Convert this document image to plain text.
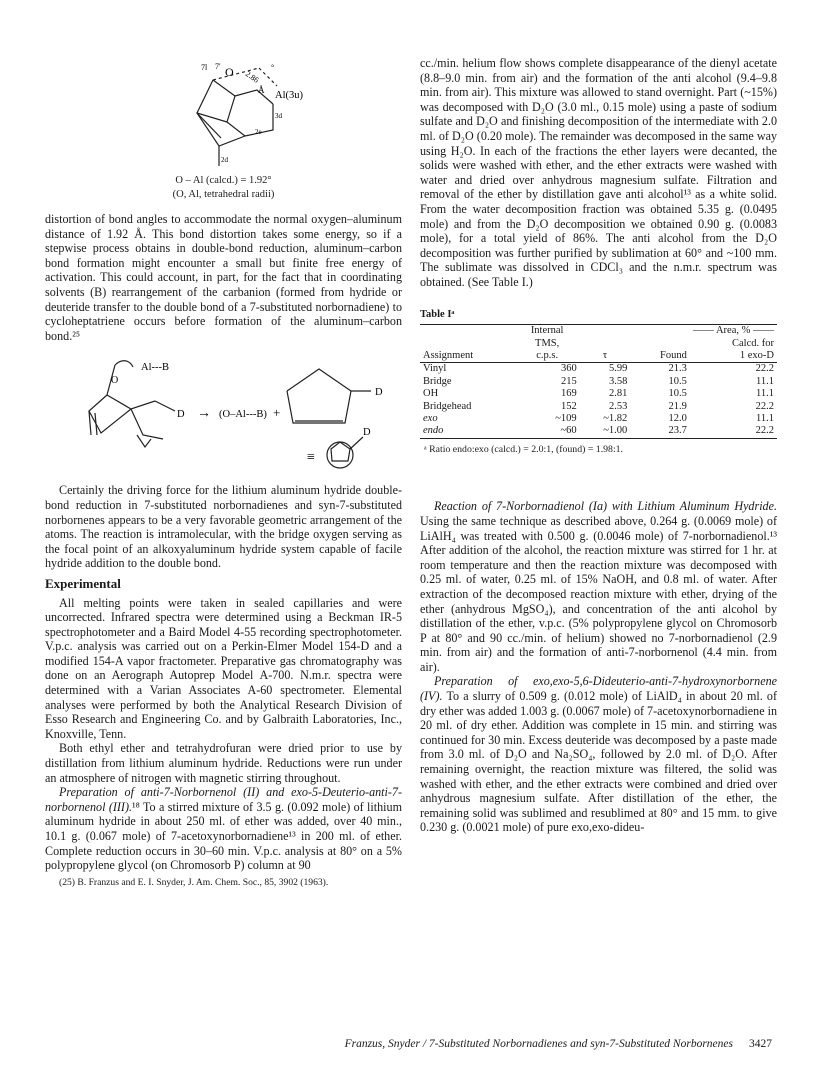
7l 7ʹ O 2.86
Å
°
Al(3u)
3d
2e
2d
O – Al (calcd.) = 1.92°
(O, Al, tetrahedral radii)

distortion of bond angles to accommodate the normal oxygen–aluminum distance of 1.92 Å. This bond distortion takes some energy, so if a stepwise process obtains in double-bond reduction, aluminum–carbon bond formation might encounter a small but finite free energy of activation. This could account, in part, for the fact that in coordinating solvents (B) rearrangement of the carbanion (formed from hydride or deuteride transfer to the double bond of a 7-substituted norbornadiene) to cycloheptatriene occurs before formation of the aluminum–carbon bond.²⁵

Al---B
O
D → (O–Al---B) +
D
≡
D

Certainly the driving force for the lithium aluminum hydride double-bond reduction in 7-substituted norbornadienes and syn-7-substituted norbornenes appears to be a very favorable geometric arrangement of the atoms. The reaction is intramolecular, with the bridge oxygen serving as the focal point of an alkoxyaluminum hydride system capable of facile hydride addition to the double bond.

Experimental

All melting points were taken in sealed capillaries and were uncorrected. Infrared spectra were determined using a Beckman IR-5 spectrophotometer and a Baird Model 4-55 recording spectrophotometer. V.p.c. analysis was carried out on a Perkin-Elmer Model 154-D and a modified 154-A vapor fractometer. Preparative gas chromatography was done on an Aerograph Autoprep Model A-700. N.m.r. spectra were determined with a Varian Associates A-60 spectrometer. Elemental analyses were performed by both the Analytical Research Division of Esso Research and Engineering Co. and by Galbraith Laboratories, Inc., Knoxville, Tenn.

Both ethyl ether and tetrahydrofuran were dried prior to use by distillation from lithium aluminum hydride. Reductions were run under an atmosphere of nitrogen with magnetic stirring throughout.

Preparation of anti-7-Norbornenol (II) and exo-5-Deuterio-anti-7-norbornenol (III).¹⁸ To a stirred mixture of 3.5 g. (0.092 mole) of lithium aluminum hydride in about 250 ml. of ether was added, over 40 min., 10.1 g. (0.067 mole) of 7-acetoxynorbornadiene¹³ in 200 ml. of ether. Complete reduction occurs in 30–60 min. V.p.c. analysis at 80° on a 5% polypropylene glycol (on Chromosorb P) column at 90

(25) B. Franzus and E. I. Snyder, J. Am. Chem. Soc., 85, 3902 (1963).

cc./min. helium flow shows complete disappearance of the dienyl acetate (8.8–9.0 min. from air) and the formation of the anti alcohol (9.4–9.8 min. from air). This mixture was allowed to stand overnight. Part (~15%) was decomposed with D₂O (3.0 ml., 0.15 mole) using a paste of sodium sulfate and D₂O and finishing decomposition of the intermediate with 2.0 ml. of D₂O (0.20 mole). The remainder was decomposed in the same way using H₂O. In each of the fractions the ether layers were decanted, the solids were washed with ether, and the ether extracts were washed with water and dried over anhydrous magnesium sulfate. Filtration and removal of the ether by distillation gave anti alcohol¹³ as a white solid. From the water decomposition fraction was obtained 5.35 g. (0.0495 mole) and from the D₂O decomposition we obtained 0.90 g. (0.0083 mole), for a total yield of 86%. The anti alcohol from the D₂O decomposition was further purified by sublimation at 60° and ~100 mm. The sublimate was dissolved in CDCl₃ and the n.m.r. spectrum was obtained. (See Table I.)

Table Iᵃ
	Internal		—— Area, % ——	
	TMS,			Calcd. for
Assignment	c.p.s.	τ	Found	1 exo-D
Vinyl	360	5.99	21.3	22.2
Bridge	215	3.58	10.5	11.1
OH	169	2.81	10.5	11.1
Bridgehead	152	2.53	21.9	22.2
exo	~109	~1.82	12.0	11.1
endo	~60	~1.00	23.7	22.2
ᵃ Ratio endo:exo (calcd.) = 2.0:1, (found) = 1.98:1.

Reaction of 7-Norbornadienol (Ia) with Lithium Aluminum Hydride. Using the same technique as described above, 0.264 g. (0.0069 mole) of LiAlH₄ was treated with 0.500 g. (0.0046 mole) of 7-norbornadienol.¹³ After addition of the alcohol, the reaction mixture was stirred for 1 hr. at room temperature and then the reaction mixture was decomposed with 0.25 ml. of water, 0.25 ml. of 15% NaOH, and 0.8 ml. of water. After extraction of the decomposed reaction mixture with ether, drying of the ether (anhydrous MgSO₄), and concentration of the anti alcohol by distillation of the ether, v.p.c. (5% polypropylene glycol on Chromosorb P at 80° and 90 cc./min. of helium) showed no 7-norbornadienol (2.9 min. from air) and the formation of anti-7-norbornenol (4.4 min. from air).

Preparation of exo,exo-5,6-Dideuterio-anti-7-hydroxynorbornene (IV). To a slurry of 0.509 g. (0.012 mole) of LiAlD₄ in about 20 ml. of dry ether was added 1.003 g. (0.0067 mole) of 7-acetoxynorbornadiene in 20 ml. of dry ether. Addition was complete in 15 min. and stirring was continued for 30 min. Excess deuteride was decomposed by a paste made from 3.0 ml. of D₂O and Na₂SO₄, followed by 2.0 ml. of D₂O. After remaining overnight, the reaction mixture was filtered, the solid was washed with ether, and the ether extracts were combined and dried over anhydrous magnesium sulfate. After distillation of the ether, the remaining solid was sublimed and resublimed at 80° and 15 mm. to give 0.230 g. (0.0021 mole) of pure exo,exo-dideu-

Franzus, Snyder / 7-Substituted Norbornadienes and syn-7-Substituted Norbornenes 3427
